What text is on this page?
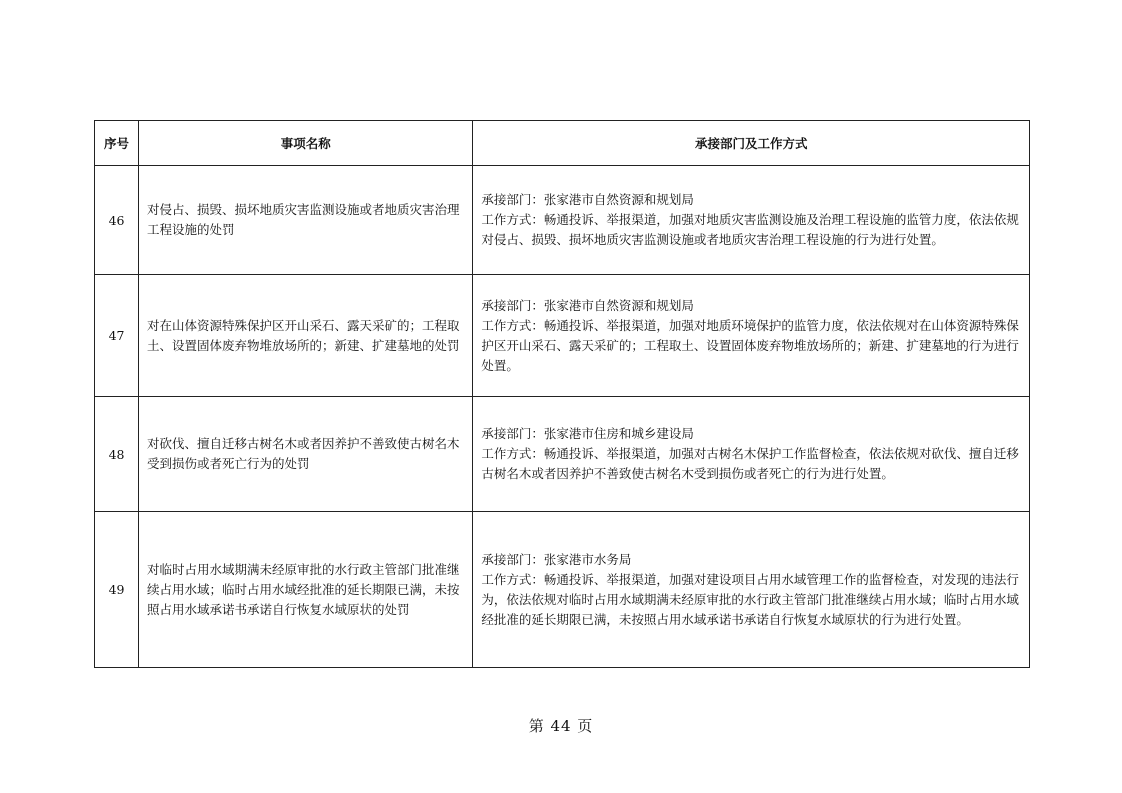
序号	事项名称	承接部门及工作方式
46	对侵占、损毁、损坏地质灾害监测设施或者地质灾害治理工程设施的处罚	承接部门：张家港市自然资源和规划局
工作方式：畅通投诉、举报渠道，加强对地质灾害监测设施及治理工程设施的监管力度，依法依规对侵占、损毁、损坏地质灾害监测设施或者地质灾害治理工程设施的行为进行处置。

47	对在山体资源特殊保护区开山采石、露天采矿的；工程取土、设置固体废弃物堆放场所的；新建、扩建墓地的处罚	承接部门：张家港市自然资源和规划局
工作方式：畅通投诉、举报渠道，加强对地质环境保护的监管力度，依法依规对在山体资源特殊保护区开山采石、露天采矿的；工程取土、设置固体废弃物堆放场所的；新建、扩建墓地的行为进行处置。

48	对砍伐、擅自迁移古树名木或者因养护不善致使古树名木受到损伤或者死亡行为的处罚	承接部门：张家港市住房和城乡建设局
工作方式：畅通投诉、举报渠道，加强对古树名木保护工作监督检查，依法依规对砍伐、擅自迁移古树名木或者因养护不善致使古树名木受到损伤或者死亡的行为进行处置。

49	对临时占用水域期满未经原审批的水行政主管部门批准继续占用水域；临时占用水域经批准的延长期限已满，未按照占用水域承诺书承诺自行恢复水域原状的处罚	承接部门：张家港市水务局
工作方式：畅通投诉、举报渠道，加强对建设项目占用水域管理工作的监督检查，对发现的违法行为，依法依规对临时占用水域期满未经原审批的水行政主管部门批准继续占用水域；临时占用水域经批准的延长期限已满，未按照占用水域承诺书承诺自行恢复水域原状的行为进行处置。
第 44 页
